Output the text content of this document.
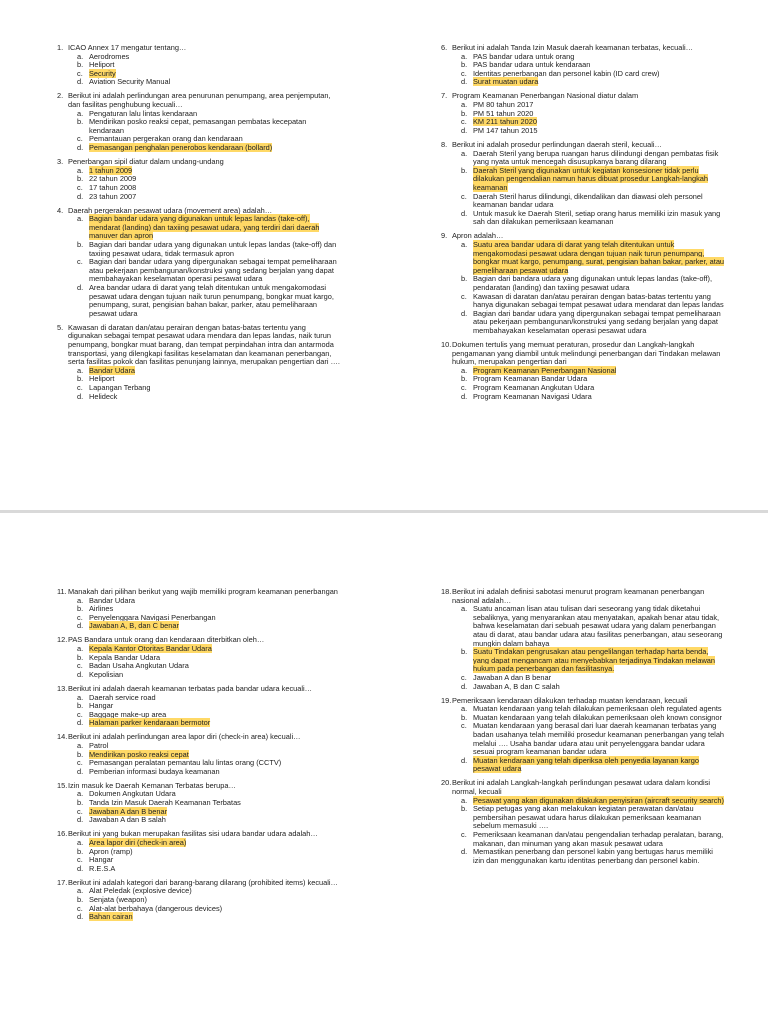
1. ICAO Annex 17 mengatur tentang…
a. Aerodromes
b. Heliport
c. Security
d. Aviation Security Manual
2. Berikut ini adalah perlindungan area penurunan penumpang, area penjemputan, dan fasilitas penghubung kecuali…
a. Pengaturan lalu lintas kendaraan
b. Mendirikan posko reaksi cepat, pemasangan pembatas kecepatan kendaraan
c. Pemantauan pergerakan orang dan kendaraan
d. Pemasangan penghalan penerobos kendaraan (bollard)
3. Penerbangan sipil diatur dalam undang-undang
a. 1 tahun 2009
b. 22 tahun 2009
c. 17 tahun 2008
d. 23 tahun 2007
4. Daerah pergerakan pesawat udara (movement area) adalah…
a. Bagian bandar udara yang digunakan untuk lepas landas (take-off), mendarat (landing) dan taxiing pesawat udara, yang terdiri dari daerah manuver dan apron
b. Bagian dari bandar udara yang digunakan untuk lepas landas (take-off) dan taxiing pesawat udara, tidak termasuk apron
c. Bagian dari bandar udara yang dipergunakan sebagai tempat pemeliharaan atau pekerjaan pembangunan/konstruksi yang sedang berjalan yang dapat membahayakan keselamatan operasi pesawat udara
d. Area bandar udara di darat yang telah ditentukan untuk mengakomodasi pesawat udara dengan tujuan naik turun penumpang, bongkar muat kargo, penumpang, surat, pengisian bahan bakar, parker, atau pemeliharaan pesawat udara
5. Kawasan di daratan dan/atau perairan dengan batas-batas tertentu yang digunakan sebagai tempat pesawat udara mendara dan lepas landas, naik turun penumpang, bongkar muat barang, dan tempat perpindahan intra dan antarmoda transportasi, yang dilengkapi fasilitas keselamatan dan keamanan penerbangan, serta fasilitas pokok dan fasilitas penunjang lainnya, merupakan pengertian dari ….
a. Bandar Udara
b. Heliport
c. Lapangan Terbang
d. Helideck
6. Berikut ini adalah Tanda Izin Masuk daerah keamanan terbatas, kecuali…
a. PAS bandar udara untuk orang
b. PAS bandar udara untuk kendaraan
c. Identitas penerbangan dan personel kabin (ID card crew)
d. Surat muatan udara
7. Program Keamanan Penerbangan Nasional diatur dalam
a. PM 80 tahun 2017
b. PM 51 tahun 2020
c. KM 211 tahun 2020
d. PM 147 tahun 2015
8. Berikut ini adalah prosedur perlindungan daerah steril, kecuali…
a. Daerah Steril yang berupa ruangan harus dilindungi dengan pembatas fisik yang nyata untuk mencegah disusupkanya barang dilarang
b. Daerah Steril yang digunakan untuk kegiatan konsesioner tidak perlu dilakukan pengendalian namun harus dibuat prosedur Langkah-langkah keamanan
c. Daerah Steril harus dilindungi, dikendalikan dan diawasi oleh personel keamanan bandar udara
d. Untuk masuk ke Daerah Steril, setiap orang harus memiliki izin masuk yang sah dan dilakukan pemeriksaan keamanan
9. Apron adalah…
a. Suatu area bandar udara di darat yang telah ditentukan untuk mengakomodasi pesawat udara dengan tujuan naik turun penumpang, bongkar muat kargo, penumpang, surat, pengisian bahan bakar, parker, atau pemeliharaan pesawat udara
b. Bagian dari bandara udara yang digunakan untuk lepas landas (take-off), pendaratan (landing) dan taxiing pesawat udara
c. Kawasan di daratan dan/atau perairan dengan batas-batas tertentu yang hanya digunakan sebagai tempat pesawat udara mendarat dan lepas landas
d. Bagian dari bandar udara yang dipergunakan sebagai tempat pemeliharaan atau pekerjaan pembangunan/konstruksi yang sedang berjalan yang dapat membahayakan keselamatan operasi pesawat udara
10. Dokumen tertulis yang memuat peraturan, prosedur dan Langkah-langkah pengamanan yang diambil untuk melindungi penerbangan dari Tindakan melawan hukum, merupakan pengertian dari
a. Program Keamanan Penerbangan Nasional
b. Program Keamanan Bandar Udara
c. Program Keamanan Angkutan Udara
d. Program Keamanan Navigasi Udara
11. Manakah dari pilihan berikut yang wajib memiliki program keamanan penerbangan
a. Bandar Udara
b. Airlines
c. Penyelenggara Navigasi Penerbangan
d. Jawaban A, B, dan C benar
12. PAS Bandara untuk orang dan kendaraan diterbitkan oleh…
a. Kepala Kantor Otoritas Bandar Udara
b. Kepala Bandar Udara
c. Badan Usaha Angkutan Udara
d. Kepolisian
13. Berikut ini adalah daerah keamanan terbatas pada bandar udara kecuali…
a. Daerah service road
b. Hangar
c. Baggage make-up area
d. Halaman parker kendaraan bermotor
14. Berikut ini adalah perlindungan area lapor diri (check-in area) kecuali…
a. Patrol
b. Mendirikan posko reaksi cepat
c. Pemasangan peralatan pemantau lalu lintas orang (CCTV)
d. Pemberian informasi budaya keamanan
15. Izin masuk ke Daerah Kemanan Terbatas berupa…
a. Dokumen Angkutan Udara
b. Tanda Izin Masuk Daerah Keamanan Terbatas
c. Jawaban A dan B benar
d. Jawaban A dan B salah
16. Berikut ini yang bukan merupakan fasilitas sisi udara bandar udara adalah…
a. Area lapor diri (check-in area)
b. Apron (ramp)
c. Hangar
d. R.E.S.A
17. Berikut ini adalah kategori dari barang-barang dilarang (prohibited items) kecuali…
a. Alat Peledak (explosive device)
b. Senjata (weapon)
c. Alat-alat berbahaya (dangerous devices)
d. Bahan cairan
18. Berikut ini adalah definisi sabotasi menurut program keamanan penerbangan nasional adalah…
a. Suatu ancaman lisan atau tulisan dari seseorang yang tidak diketahui sebaliknya, yang menyarankan atau menyatakan, apakah benar atau tidak, bahwa keselamatan dari sebuah pesawat udara yang dalam penerbangan atau di darat, atau bandar udara atau fasilitas penerbangan, atau seseorang mungkin dalam bahaya
b. Suatu Tindakan pengrusakan atau pengelilangan terhadap harta benda, yang dapat mengancam atau menyebabkan terjadinya Tindakan melawan hukum pada penerbangan dan fasilitasnya.
c. Jawaban A dan B benar
d. Jawaban A, B dan C salah
19. Pemeriksaan kendaraan dilakukan terhadap muatan kendaraan, kecuali
a. Muatan kendaraan yang telah dilakukan pemeriksaan oleh regulated agents
b. Muatan kendaraan yang telah dilakukan pemeriksaan oleh known consignor
c. Muatan kendaraan yang berasal dari luar daerah keamanan terbatas yang badan usahanya telah memiliki prosedur keamanan penerbangan yang telah melalui …. Usaha bandar udara atau unit penyelenggara bandar udara sesuai program keamanan bandar udara
d. Muatan kendaraan yang telah diperiksa oleh penyedia layanan kargo pesawat udara
20. Berikut ini adalah Langkah-langkah perlindungan pesawat udara dalam kondisi normal, kecuali
a. Pesawat yang akan digunakan dilakukan penyisiran (aircraft security search)
b. Setiap petugas yang akan melakukan kegiatan perawatan dan/atau pembersihan pesawat udara harus dilakukan pemeriksaan keamanan sebelum memasuki ….
c. Pemeriksaan keamanan dan/atau pengendalian terhadap peralatan, barang, makanan, dan minuman yang akan masuk pesawat udara
d. Memastikan penerbang dan personel kabin yang bertugas harus memiliki izin dan menggunakan kartu identitas penerbang dan personel kabin.
